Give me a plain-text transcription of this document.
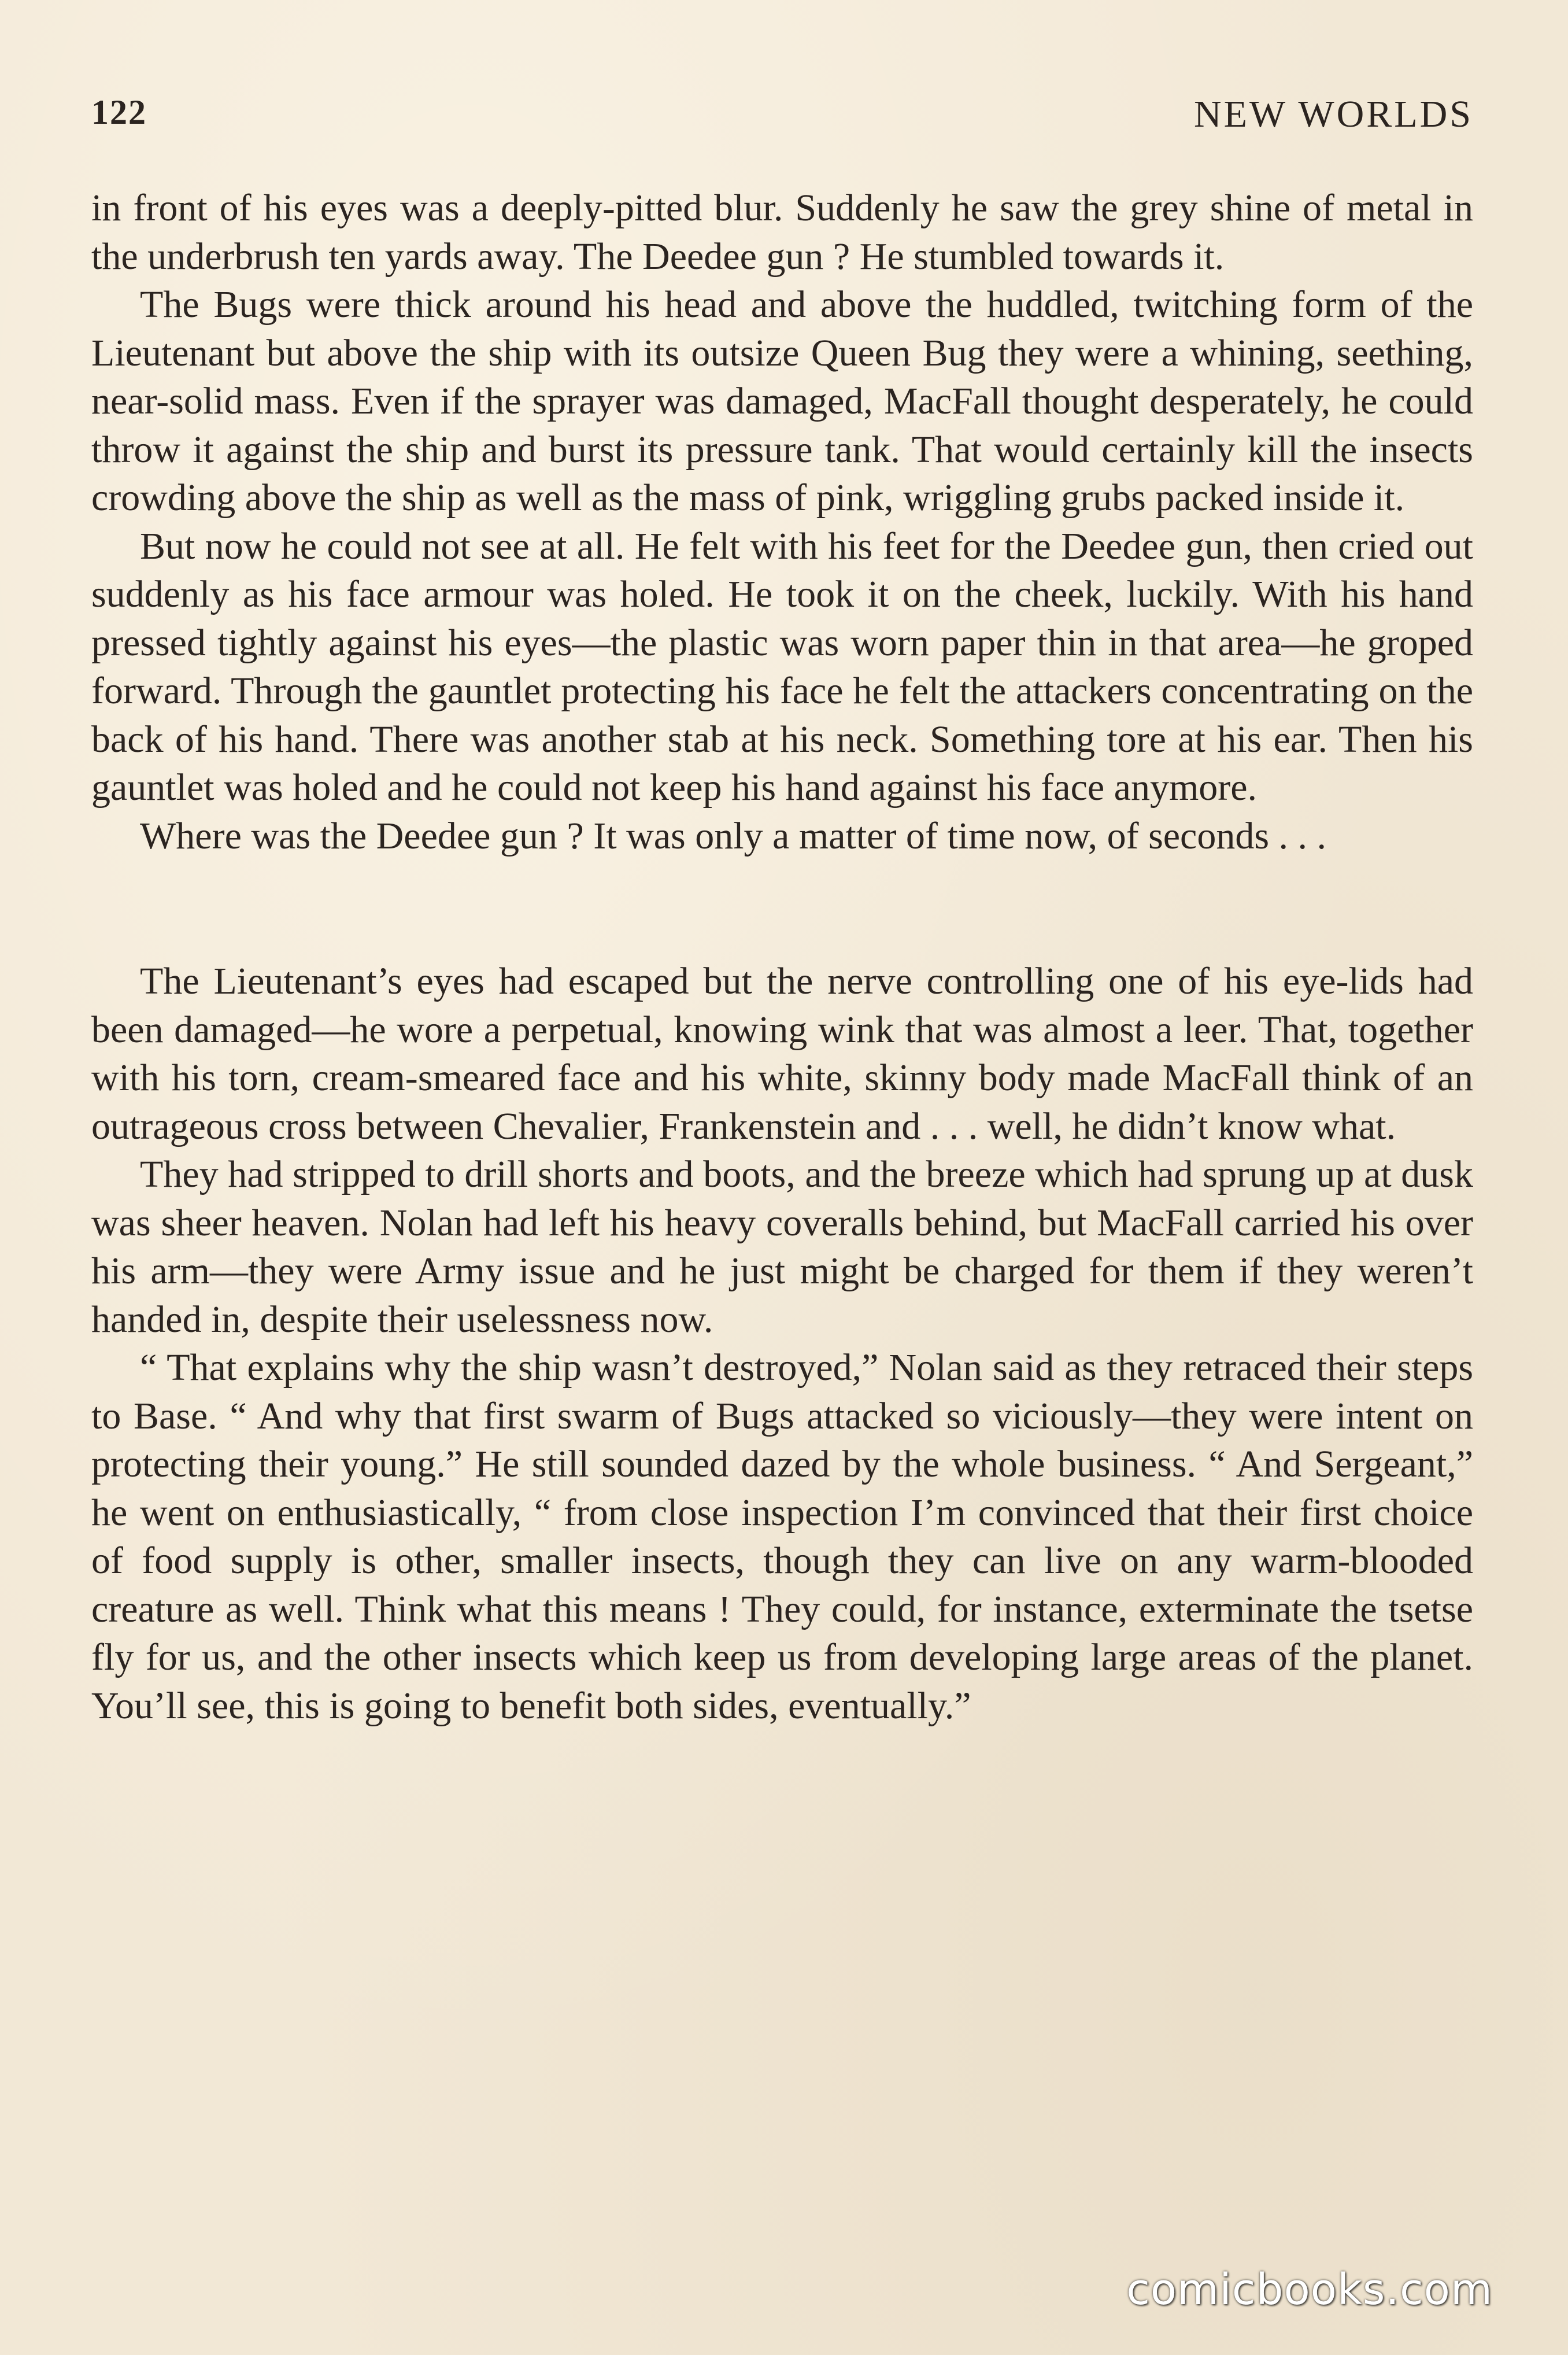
122	NEW WORLDS

in front of his eyes was a deeply-pitted blur. Suddenly he saw the grey shine of metal in the underbrush ten yards away. The Deedee gun ? He stumbled towards it.

The Bugs were thick around his head and above the huddled, twitching form of the Lieutenant but above the ship with its outsize Queen Bug they were a whining, seething, near-solid mass. Even if the sprayer was damaged, MacFall thought desperately, he could throw it against the ship and burst its pressure tank. That would certainly kill the insects crowding above the ship as well as the mass of pink, wriggling grubs packed inside it.

But now he could not see at all. He felt with his feet for the Deedee gun, then cried out suddenly as his face armour was holed. He took it on the cheek, luckily. With his hand pressed tightly against his eyes—the plastic was worn paper thin in that area—he groped forward. Through the gauntlet protecting his face he felt the attackers concentrating on the back of his hand. There was another stab at his neck. Something tore at his ear. Then his gauntlet was holed and he could not keep his hand against his face anymore.

Where was the Deedee gun ? It was only a matter of time now, of seconds . . .

The Lieutenant’s eyes had escaped but the nerve controlling one of his eye-lids had been damaged—he wore a perpetual, knowing wink that was almost a leer. That, together with his torn, cream-smeared face and his white, skinny body made MacFall think of an outrageous cross between Chevalier, Frankenstein and . . . well, he didn’t know what.

They had stripped to drill shorts and boots, and the breeze which had sprung up at dusk was sheer heaven. Nolan had left his heavy coveralls behind, but MacFall carried his over his arm—they were Army issue and he just might be charged for them if they weren’t handed in, despite their uselessness now.

“ That explains why the ship wasn’t destroyed,” Nolan said as they retraced their steps to Base. “ And why that first swarm of Bugs attacked so viciously—they were intent on protecting their young.” He still sounded dazed by the whole business. “ And Sergeant,” he went on enthusiastically, “ from close inspection I’m convinced that their first choice of food supply is other, smaller insects, though they can live on any warm-blooded creature as well. Think what this means ! They could, for instance, exterminate the tsetse fly for us, and the other insects which keep us from developing large areas of the planet. You’ll see, this is going to benefit both sides, eventually.”

comicbooks.com
